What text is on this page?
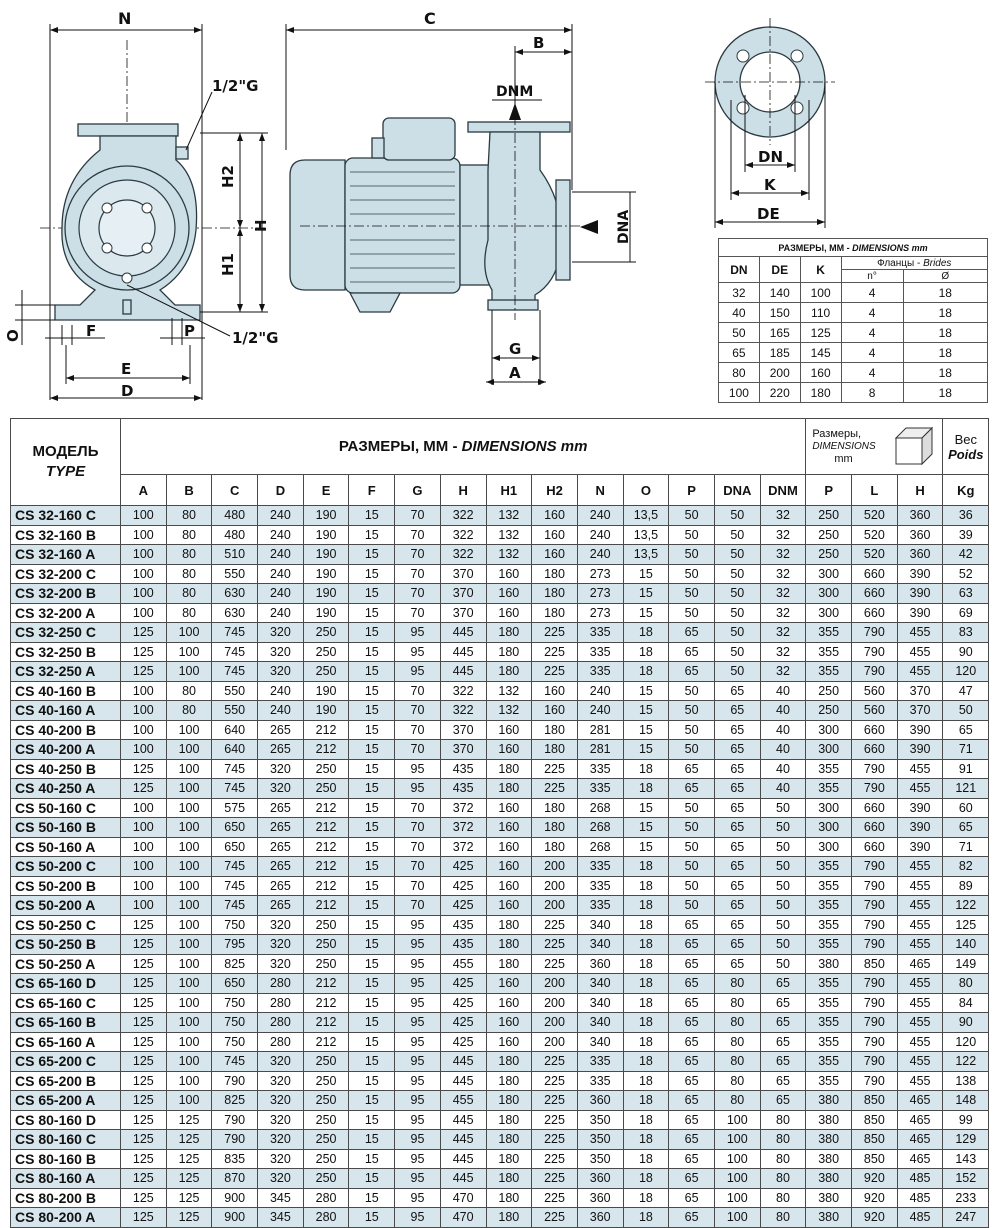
N
1/2"G
1/2"G
H2
H1
H
O	F	P
E
D
C
B
DNM
DNA
G
A
DN
K
DE
РАЗМЕРЫ, ММ - DIMENSIONS mm				
DN	DE	K	Фланцы - Brides	
			n°	Ø
32	140	100	4	18
40	150	110	4	18
50	165	125	4	18
65	185	145	4	18
80	200	160	4	18
100	220	180	8	18
МОДЕЛЬ
TYPE	РАЗМЕРЫ, ММ - DIMENSIONS mm															Размеры,
DIMENSIONS
mm			Вес
Poids
	A	B	C	D	E	F	G	H	H1	H2	N	O	P	DNA	DNM	P	L	H	Kg
CS 32-160 C	100	80	480	240	190	15	70	322	132	160	240	13,5	50	50	32	250	520	360	36
CS 32-160 B	100	80	480	240	190	15	70	322	132	160	240	13,5	50	50	32	250	520	360	39
CS 32-160 A	100	80	510	240	190	15	70	322	132	160	240	13,5	50	50	32	250	520	360	42
CS 32-200 C	100	80	550	240	190	15	70	370	160	180	273	15	50	50	32	300	660	390	52
CS 32-200 B	100	80	630	240	190	15	70	370	160	180	273	15	50	50	32	300	660	390	63
CS 32-200 A	100	80	630	240	190	15	70	370	160	180	273	15	50	50	32	300	660	390	69
CS 32-250 C	125	100	745	320	250	15	95	445	180	225	335	18	65	50	32	355	790	455	83
CS 32-250 B	125	100	745	320	250	15	95	445	180	225	335	18	65	50	32	355	790	455	90
CS 32-250 A	125	100	745	320	250	15	95	445	180	225	335	18	65	50	32	355	790	455	120
CS 40-160 B	100	80	550	240	190	15	70	322	132	160	240	15	50	65	40	250	560	370	47
CS 40-160 A	100	80	550	240	190	15	70	322	132	160	240	15	50	65	40	250	560	370	50
CS 40-200 B	100	100	640	265	212	15	70	370	160	180	281	15	50	65	40	300	660	390	65
CS 40-200 A	100	100	640	265	212	15	70	370	160	180	281	15	50	65	40	300	660	390	71
CS 40-250 B	125	100	745	320	250	15	95	435	180	225	335	18	65	65	40	355	790	455	91
CS 40-250 A	125	100	745	320	250	15	95	435	180	225	335	18	65	65	40	355	790	455	121
CS 50-160 C	100	100	575	265	212	15	70	372	160	180	268	15	50	65	50	300	660	390	60
CS 50-160 B	100	100	650	265	212	15	70	372	160	180	268	15	50	65	50	300	660	390	65
CS 50-160 A	100	100	650	265	212	15	70	372	160	180	268	15	50	65	50	300	660	390	71
CS 50-200 C	100	100	745	265	212	15	70	425	160	200	335	18	50	65	50	355	790	455	82
CS 50-200 B	100	100	745	265	212	15	70	425	160	200	335	18	50	65	50	355	790	455	89
CS 50-200 A	100	100	745	265	212	15	70	425	160	200	335	18	50	65	50	355	790	455	122
CS 50-250 C	125	100	750	320	250	15	95	435	180	225	340	18	65	65	50	355	790	455	125
CS 50-250 B	125	100	795	320	250	15	95	435	180	225	340	18	65	65	50	355	790	455	140
CS 50-250 A	125	100	825	320	250	15	95	455	180	225	360	18	65	65	50	380	850	465	149
CS 65-160 D	125	100	650	280	212	15	95	425	160	200	340	18	65	80	65	355	790	455	80
CS 65-160 C	125	100	750	280	212	15	95	425	160	200	340	18	65	80	65	355	790	455	84
CS 65-160 B	125	100	750	280	212	15	95	425	160	200	340	18	65	80	65	355	790	455	90
CS 65-160 A	125	100	750	280	212	15	95	425	160	200	340	18	65	80	65	355	790	455	120
CS 65-200 C	125	100	745	320	250	15	95	445	180	225	335	18	65	80	65	355	790	455	122
CS 65-200 B	125	100	790	320	250	15	95	445	180	225	335	18	65	80	65	355	790	455	138
CS 65-200 A	125	100	825	320	250	15	95	455	180	225	360	18	65	80	65	380	850	465	148
CS 80-160 D	125	125	790	320	250	15	95	445	180	225	350	18	65	100	80	380	850	465	99
CS 80-160 C	125	125	790	320	250	15	95	445	180	225	350	18	65	100	80	380	850	465	129
CS 80-160 B	125	125	835	320	250	15	95	445	180	225	350	18	65	100	80	380	850	465	143
CS 80-160 A	125	125	870	320	250	15	95	445	180	225	360	18	65	100	80	380	920	485	152
CS 80-200 B	125	125	900	345	280	15	95	470	180	225	360	18	65	100	80	380	920	485	233
CS 80-200 A	125	125	900	345	280	15	95	470	180	225	360	18	65	100	80	380	920	485	247
